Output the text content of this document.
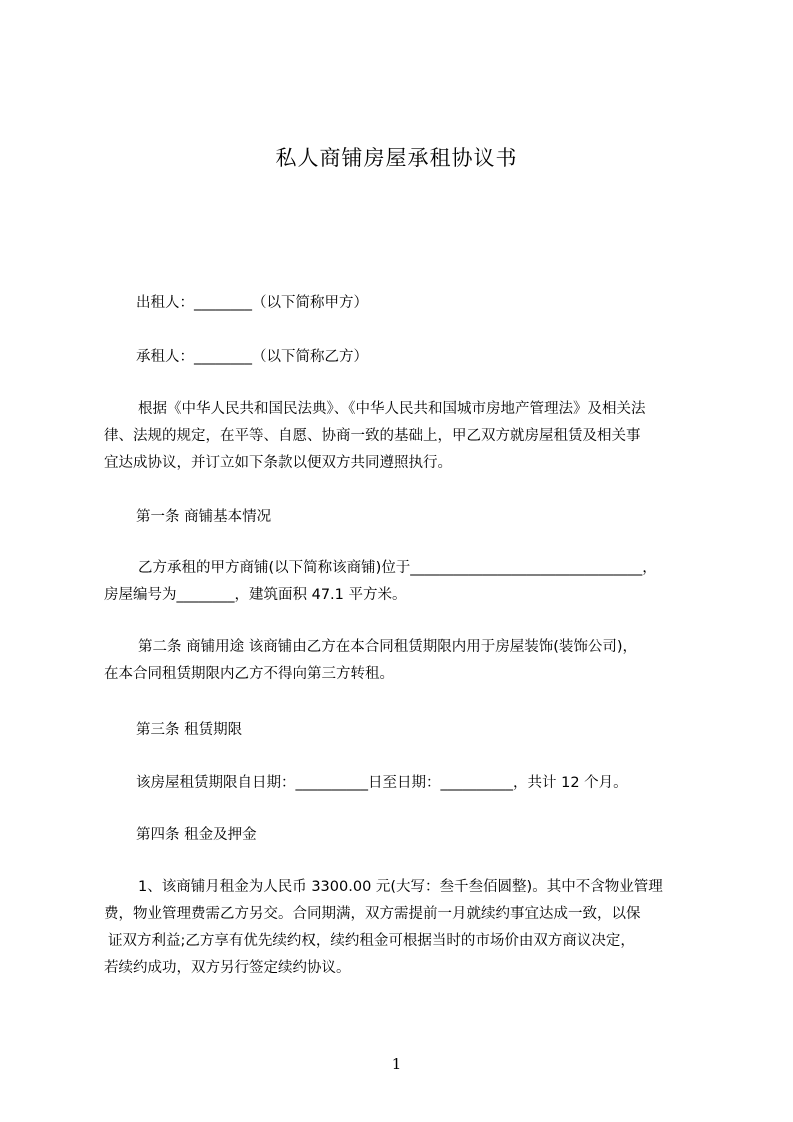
私人商铺房屋承租协议书
出租人：________（以下简称甲方）
承租人：________（以下简称乙方）
根据《中华人民共和国民法典》、《中华人民共和国城市房地产管理法》及相关法
律、法规的规定，在平等、自愿、协商一致的基础上，甲乙双方就房屋租赁及相关事
宜达成协议，并订立如下条款以便双方共同遵照执行。
第一条 商铺基本情况
乙方承租的甲方商铺(以下简称该商铺)位于________________________________，
房屋编号为________，建筑面积 47.1 平方米。
第二条 商铺用途 该商铺由乙方在本合同租赁期限内用于房屋装饰(装饰公司)，
在本合同租赁期限内乙方不得向第三方转租。
第三条 租赁期限
该房屋租赁期限自日期：__________日至日期：__________，共计 12 个月。
第四条 租金及押金
1、该商铺月租金为人民币 3300.00 元(大写：叁千叁佰圆整)。其中不含物业管理
费，物业管理费需乙方另交。合同期满，双方需提前一月就续约事宜达成一致，以保
证双方利益;乙方享有优先续约权，续约租金可根据当时的市场价由双方商议决定，
若续约成功，双方另行签定续约协议。
1
